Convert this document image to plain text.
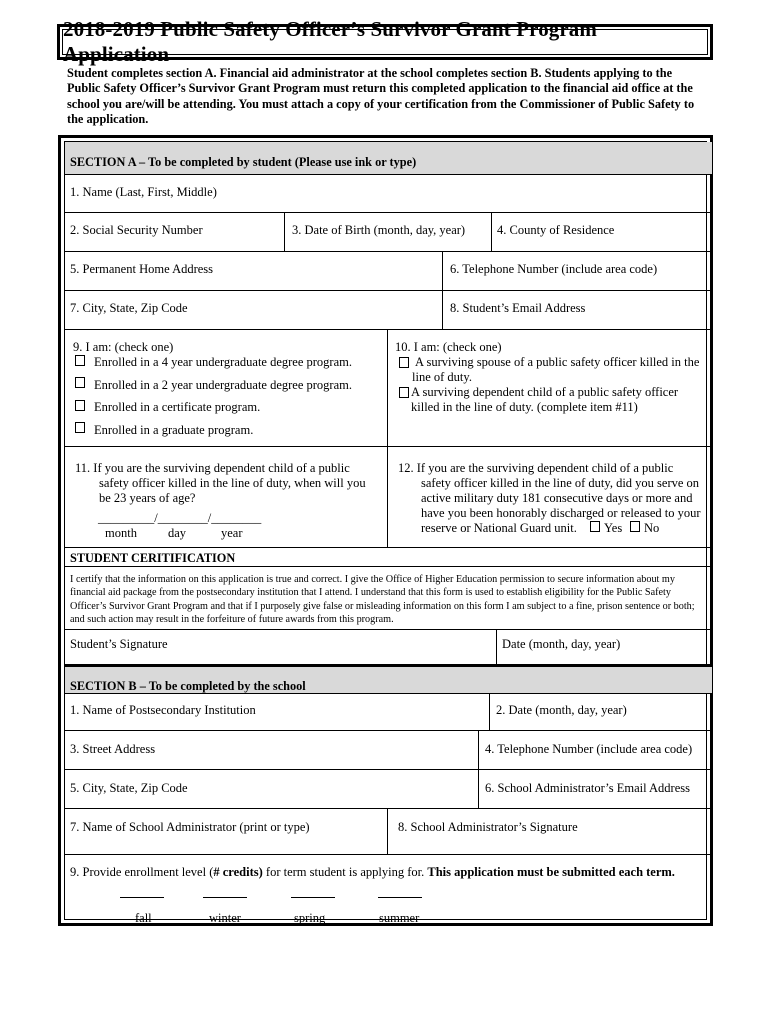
2018-2019 Public Safety Officer’s Survivor Grant Program Application
Student completes section A. Financial aid administrator at the school completes section B. Students applying to the Public Safety Officer’s Survivor Grant Program must return this completed application to the financial aid office at the school you are/will be attending. You must attach a copy of your certification from the Commissioner of Public Safety to the application.
SECTION A – To be completed by student (Please use ink or type)
1. Name (Last, First, Middle)
2. Social Security Number	3. Date of Birth (month, day, year)	4. County of Residence
5. Permanent Home Address	6. Telephone Number (include area code)
7. City, State, Zip Code	8. Student’s Email Address
9. I am: (check one)
Enrolled in a 4 year undergraduate degree program.
Enrolled in a 2 year undergraduate degree program.
Enrolled in a certificate program.
Enrolled in a graduate program.
10. I am: (check one)
A surviving spouse of a public safety officer killed in the
line of duty.
A surviving dependent child of a public safety officer
killed in the line of duty. (complete item #11)
11. If you are the surviving dependent child of a public
safety officer killed in the line of duty, when will you
be 23 years of age?
_________/________/________
month day	year
12. If you are the surviving dependent child of a public
safety officer killed in the line of duty, did you serve on
active military duty 181 consecutive days or more and
have you been honorably discharged or released to your
reserve or National Guard unit. Yes No
STUDENT CERITIFICATION
I certify that the information on this application is true and correct. I give the Office of Higher Education permission to secure information about my financial aid package from the postsecondary institution that I attend. I understand that this form is used to establish eligibility for the Public Safety Officer’s Survivor Grant Program and that if I purposely give false or misleading information on this form I am subject to a fine, prison sentence or both; and such action may result in the forfeiture of future awards from this program.
Student’s Signature	Date (month, day, year)
SECTION B – To be completed by the school
1. Name of Postsecondary Institution	2. Date (month, day, year)
3. Street Address	4. Telephone Number (include area code)
5. City, State, Zip Code	6. School Administrator’s Email Address
7. Name of School Administrator (print or type)	8. School Administrator’s Signature
9. Provide enrollment level (# credits) for term student is applying for. This application must be submitted each term.
fall	winter	spring	summer
